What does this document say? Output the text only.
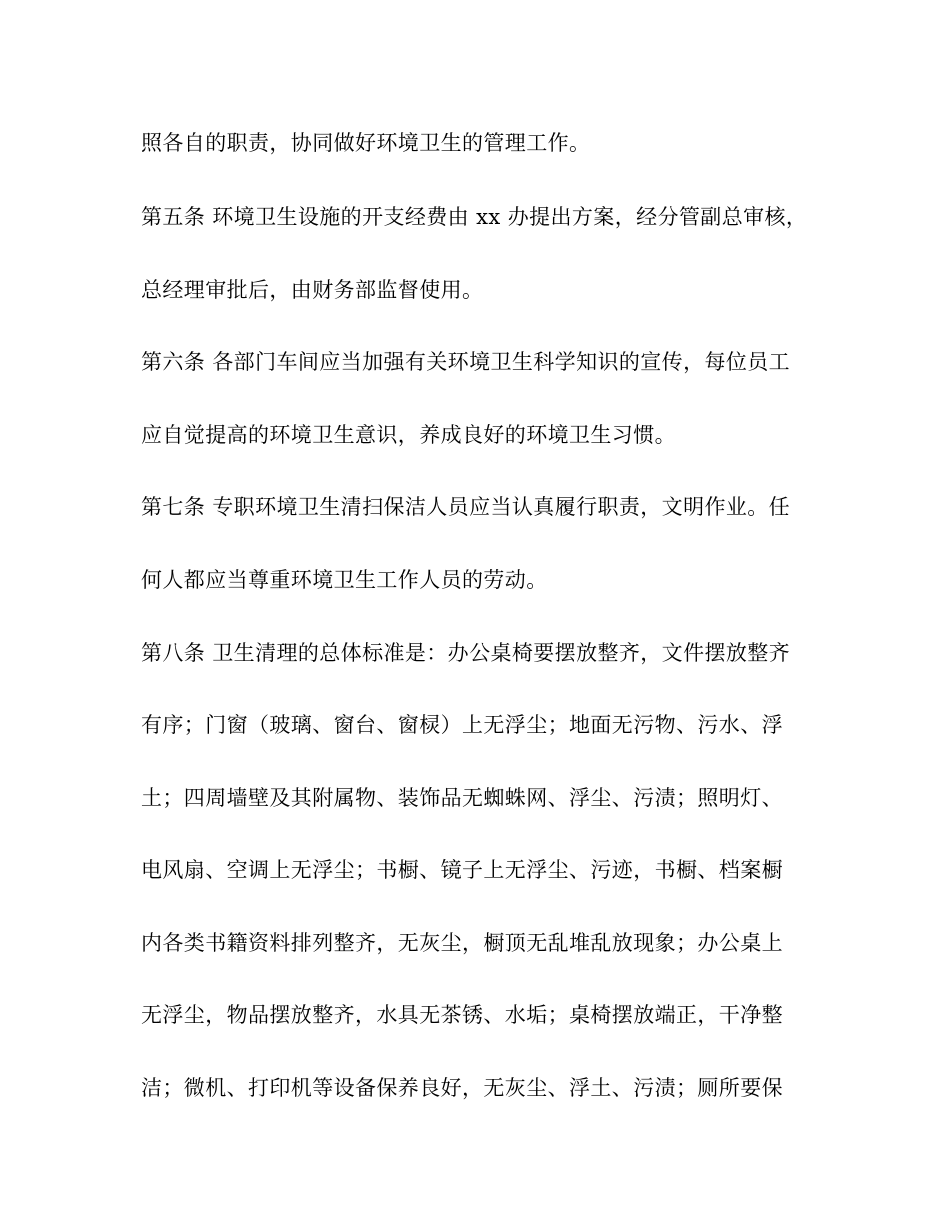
照各自的职责，协同做好环境卫生的管理工作。
第五条 环境卫生设施的开支经费由 xx 办提出方案，经分管副总审核，
总经理审批后，由财务部监督使用。
第六条 各部门车间应当加强有关环境卫生科学知识的宣传，每位员工
应自觉提高的环境卫生意识，养成良好的环境卫生习惯。
第七条 专职环境卫生清扫保洁人员应当认真履行职责，文明作业。任
何人都应当尊重环境卫生工作人员的劳动。
第八条 卫生清理的总体标准是：办公桌椅要摆放整齐，文件摆放整齐
有序；门窗（玻璃、窗台、窗棂）上无浮尘；地面无污物、污水、浮
土；四周墙壁及其附属物、装饰品无蜘蛛网、浮尘、污渍；照明灯、
电风扇、空调上无浮尘；书橱、镜子上无浮尘、污迹，书橱、档案橱
内各类书籍资料排列整齐，无灰尘，橱顶无乱堆乱放现象；办公桌上
无浮尘，物品摆放整齐，水具无茶锈、水垢；桌椅摆放端正，干净整
洁；微机、打印机等设备保养良好，无灰尘、浮土、污渍；厕所要保
